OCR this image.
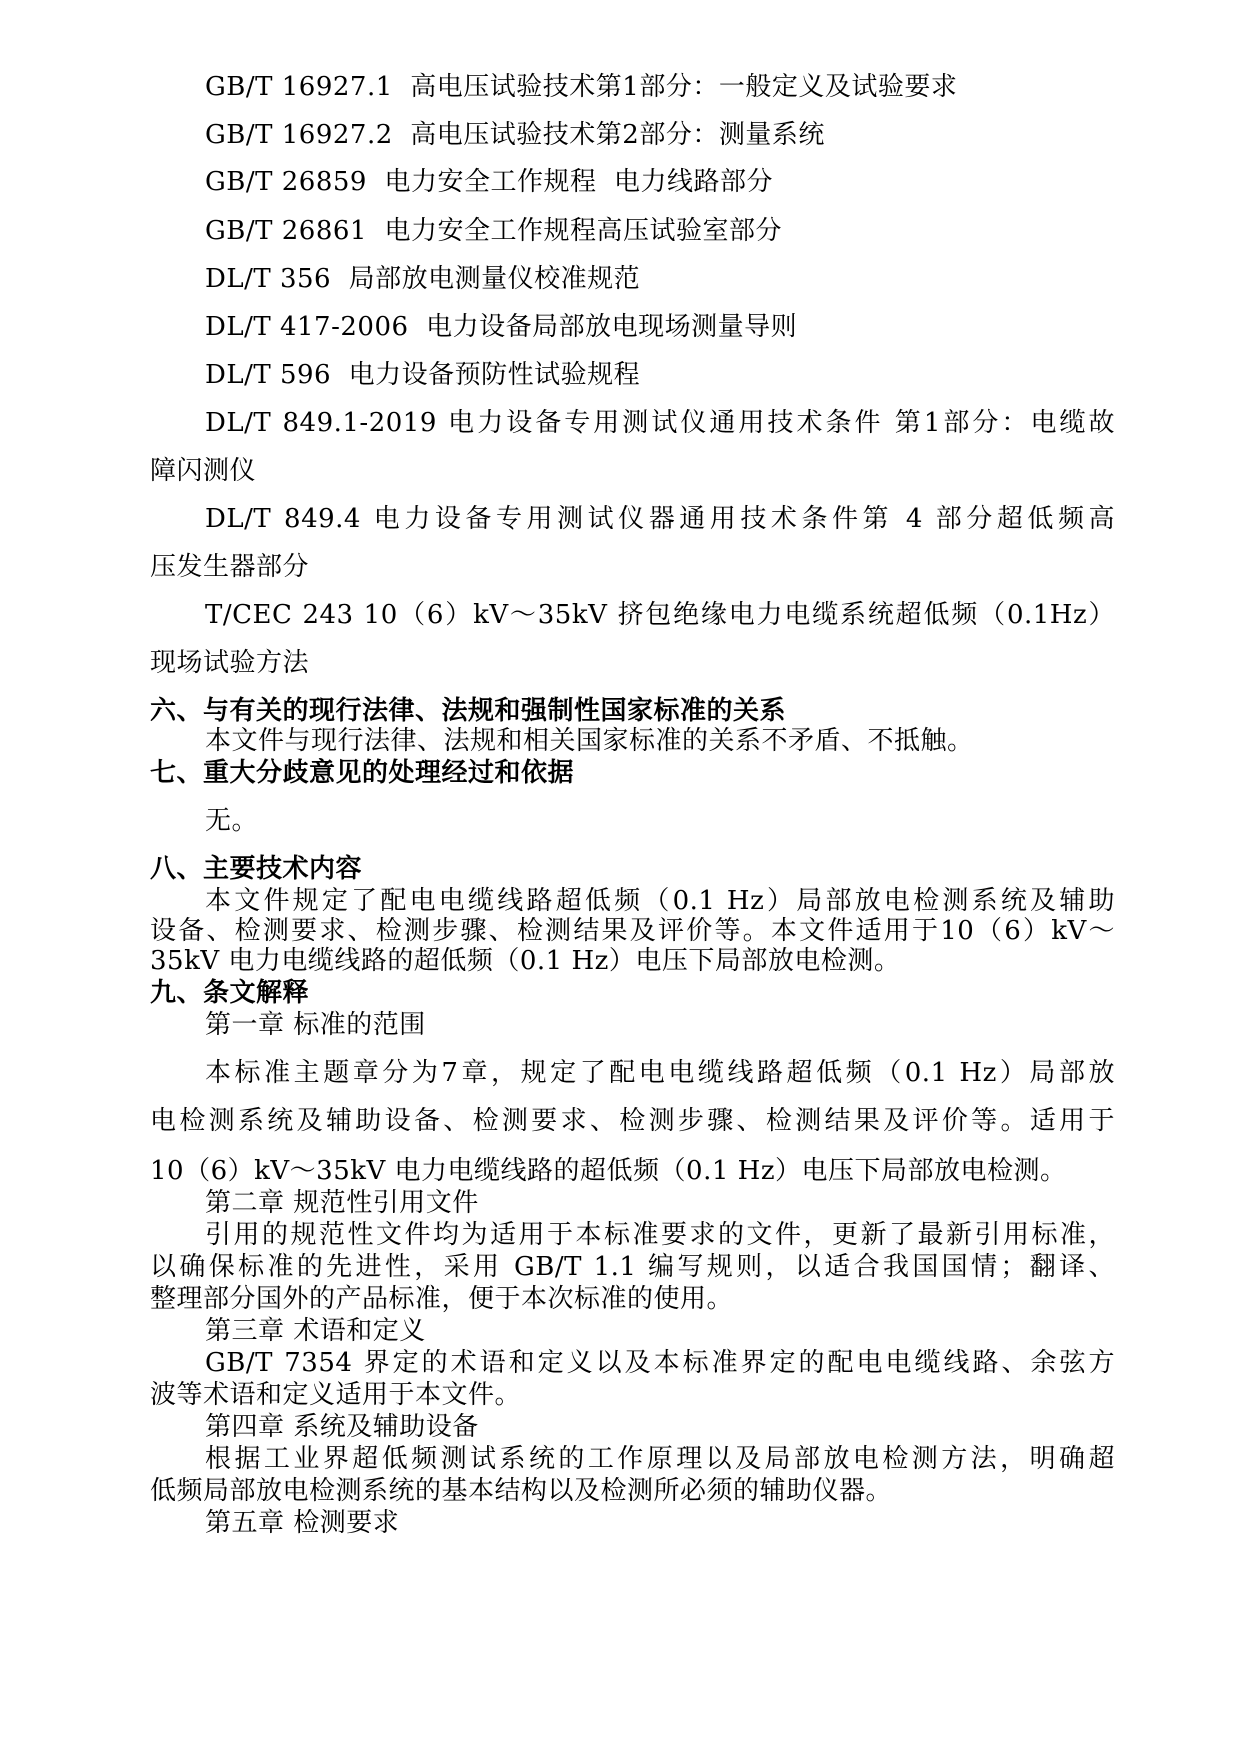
GB/T 16927.1  高电压试验技术第1部分：一般定义及试验要求
GB/T 16927.2  高电压试验技术第2部分：测量系统
GB/T 26859  电力安全工作规程  电力线路部分
GB/T 26861  电力安全工作规程高压试验室部分
DL/T 356  局部放电测量仪校准规范
DL/T 417-2006  电力设备局部放电现场测量导则
DL/T 596  电力设备预防性试验规程
DL/T 849.1-2019 电力设备专用测试仪通用技术条件 第1部分：电缆故
障闪测仪
DL/T 849.4 电力设备专用测试仪器通用技术条件第 4 部分超低频高
压发生器部分
T/CEC 243 10（6）kV～35kV 挤包绝缘电力电缆系统超低频（0.1Hz）
现场试验方法
六、与有关的现行法律、法规和强制性国家标准的关系
本文件与现行法律、法规和相关国家标准的关系不矛盾、不抵触。
七、重大分歧意见的处理经过和依据
无。
八、主要技术内容
本文件规定了配电电缆线路超低频（0.1 Hz）局部放电检测系统及辅助
设备、检测要求、检测步骤、检测结果及评价等。本文件适用于10（6）kV～
35kV 电力电缆线路的超低频（0.1 Hz）电压下局部放电检测。
九、条文解释
第一章 标准的范围
本标准主题章分为7章，规定了配电电缆线路超低频（0.1 Hz）局部放
电检测系统及辅助设备、检测要求、检测步骤、检测结果及评价等。适用于
10（6）kV～35kV 电力电缆线路的超低频（0.1 Hz）电压下局部放电检测。
第二章 规范性引用文件
引用的规范性文件均为适用于本标准要求的文件，更新了最新引用标准，
以确保标准的先进性，采用 GB/T 1.1 编写规则，以适合我国国情；翻译、
整理部分国外的产品标准，便于本次标准的使用。
第三章 术语和定义
GB/T 7354 界定的术语和定义以及本标准界定的配电电缆线路、余弦方
波等术语和定义适用于本文件。
第四章 系统及辅助设备
根据工业界超低频测试系统的工作原理以及局部放电检测方法，明确超
低频局部放电检测系统的基本结构以及检测所必须的辅助仪器。
第五章 检测要求
